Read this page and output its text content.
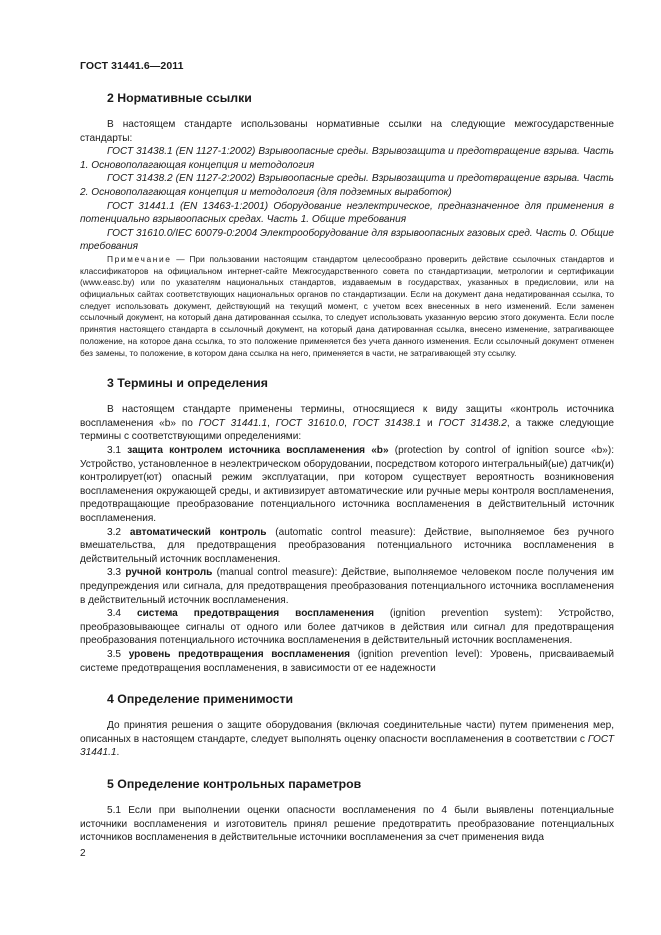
ГОСТ 31441.6—2011
2 Нормативные ссылки

В настоящем стандарте использованы нормативные ссылки на следующие межгосударственные стандарты:

ГОСТ 31438.1 (EN 1127-1:2002) Взрывоопасные среды. Взрывозащита и предотвращение взрыва. Часть 1. Основополагающая концепция и методология

ГОСТ 31438.2 (EN 1127-2:2002) Взрывоопасные среды. Взрывозащита и предотвращение взрыва. Часть 2. Основополагающая концепция и методология (для подземных выработок)

ГОСТ 31441.1 (EN 13463-1:2001) Оборудование неэлектрическое, предназначенное для применения в потенциально взрывоопасных средах. Часть 1. Общие требования

ГОСТ 31610.0/IEC 60079-0:2004 Электрооборудование для взрывоопасных газовых сред. Часть 0. Общие требования

Примечание — При пользовании настоящим стандартом целесообразно проверить действие ссылочных стандартов и классификаторов на официальном интернет-сайте Межгосударственного совета по стандартизации, метрологии и сертификации (www.easc.by) или по указателям национальных стандартов, издаваемым в государствах, указанных в предисловии, или на официальных сайтах соответствующих национальных органов по стандартизации. Если на документ дана недатированная ссылка, то следует использовать документ, действующий на текущий момент, с учетом всех внесенных в него изменений. Если заменен ссылочный документ, на который дана датированная ссылка, то следует использовать указанную версию этого документа. Если после принятия настоящего стандарта в ссылочный документ, на который дана датированная ссылка, внесено изменение, затрагивающее положение, на которое дана ссылка, то это положение применяется без учета данного изменения. Если ссылочный документ отменен без замены, то положение, в котором дана ссылка на него, применяется в части, не затрагивающей эту ссылку.

3 Термины и определения

В настоящем стандарте применены термины, относящиеся к виду защиты «контроль источника воспламенения «b» по ГОСТ 31441.1, ГОСТ 31610.0, ГОСТ 31438.1 и ГОСТ 31438.2, а также следующие термины с соответствующими определениями:

3.1 защита контролем источника воспламенения «b» (protection by control of ignition source «b»): Устройство, установленное в неэлектрическом оборудовании, посредством которого интегральный(ые) датчик(и) контролирует(ют) опасный режим эксплуатации, при котором существует вероятность возникновения воспламенения окружающей среды, и активизирует автоматические или ручные меры контроля воспламенения, предотвращающие преобразование потенциального источника воспламенения в действительный источник воспламенения.

3.2 автоматический контроль (automatic control measure): Действие, выполняемое без ручного вмешательства, для предотвращения преобразования потенциального источника воспламенения в действительный источник воспламенения.

3.3 ручной контроль (manual control measure): Действие, выполняемое человеком после получения им предупреждения или сигнала, для предотвращения преобразования потенциального источника воспламенения в действительный источник воспламенения.

3.4 система предотвращения воспламенения (ignition prevention system): Устройство, преобразовывающее сигналы от одного или более датчиков в действия или сигнал для предотвращения преобразования потенциального источника воспламенения в действительный источник воспламенения.

3.5 уровень предотвращения воспламенения (ignition prevention level): Уровень, присваиваемый системе предотвращения воспламенения, в зависимости от ее надежности

4 Определение применимости

До принятия решения о защите оборудования (включая соединительные части) путем применения мер, описанных в настоящем стандарте, следует выполнять оценку опасности воспламенения в соответствии с ГОСТ 31441.1.

5 Определение контрольных параметров

5.1 Если при выполнении оценки опасности воспламенения по 4 были выявлены потенциальные источники воспламенения и изготовитель принял решение предотвратить преобразование потенциальных источников воспламенения в действительные источники воспламенения за счет применения вида

2
